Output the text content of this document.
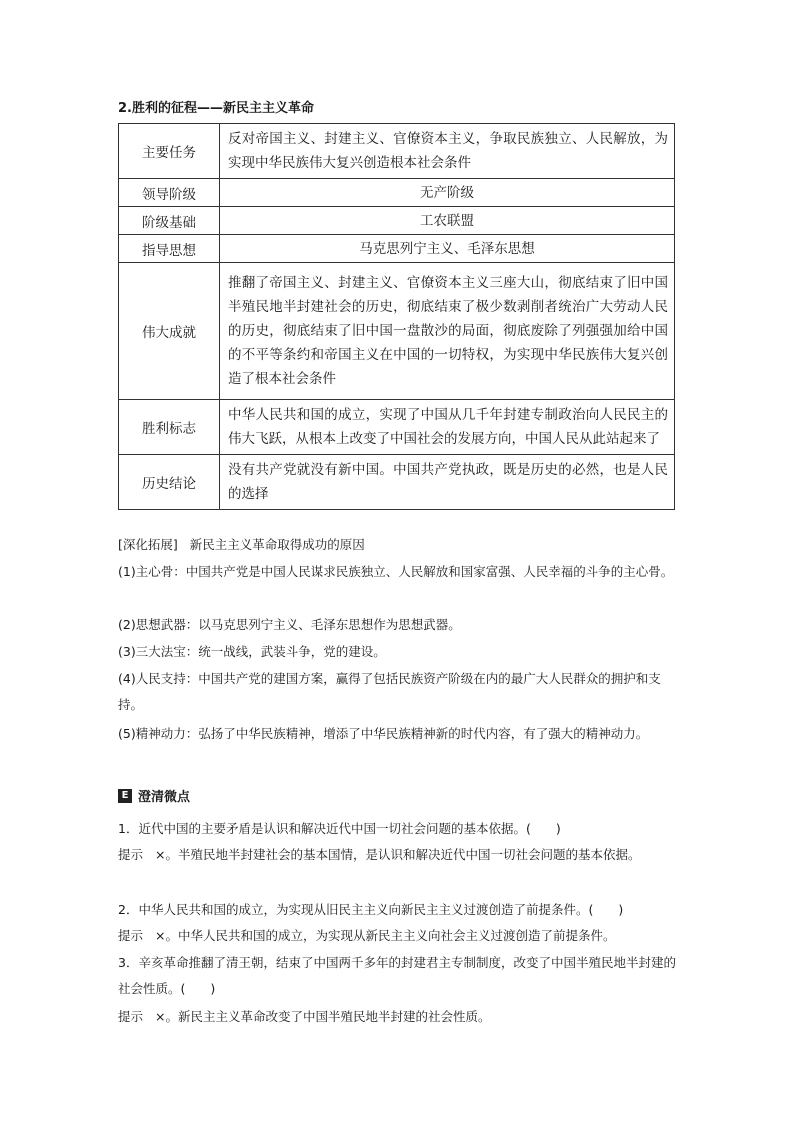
2.胜利的征程——新民主主义革命
主要任务	反对帝国主义、封建主义、官僚资本主义，争取民族独立、人民解放，为实现中华民族伟大复兴创造根本社会条件
领导阶级	无产阶级
阶级基础	工农联盟
指导思想	马克思列宁主义、毛泽东思想
伟大成就	推翻了帝国主义、封建主义、官僚资本主义三座大山，彻底结束了旧中国半殖民地半封建社会的历史，彻底结束了极少数剥削者统治广大劳动人民的历史，彻底结束了旧中国一盘散沙的局面，彻底废除了列强强加给中国的不平等条约和帝国主义在中国的一切特权，为实现中华民族伟大复兴创造了根本社会条件
胜利标志	中华人民共和国的成立，实现了中国从几千年封建专制政治向人民民主的伟大飞跃，从根本上改变了中国社会的发展方向，中国人民从此站起来了
历史结论	没有共产党就没有新中国。中国共产党执政，既是历史的必然，也是人民的选择
[深化拓展] 新民主主义革命取得成功的原因
(1)主心骨：中国共产党是中国人民谋求民族独立、人民解放和国家富强、人民幸福的斗争的主心骨。
(2)思想武器：以马克思列宁主义、毛泽东思想作为思想武器。
(3)三大法宝：统一战线，武装斗争，党的建设。
(4)人民支持：中国共产党的建国方案，赢得了包括民族资产阶级在内的最广大人民群众的拥护和支持。
(5)精神动力：弘扬了中华民族精神，增添了中华民族精神新的时代内容，有了强大的精神动力。
E 澄清微点
1．近代中国的主要矛盾是认识和解决近代中国一切社会问题的基本依据。(　　)
提示 ×。半殖民地半封建社会的基本国情，是认识和解决近代中国一切社会问题的基本依据。
2．中华人民共和国的成立，为实现从旧民主主义向新民主主义过渡创造了前提条件。(　　)
提示 ×。中华人民共和国的成立，为实现从新民主主义向社会主义过渡创造了前提条件。
3．辛亥革命推翻了清王朝，结束了中国两千多年的封建君主专制制度，改变了中国半殖民地半封建的社会性质。(　　)
提示 ×。新民主主义革命改变了中国半殖民地半封建的社会性质。
